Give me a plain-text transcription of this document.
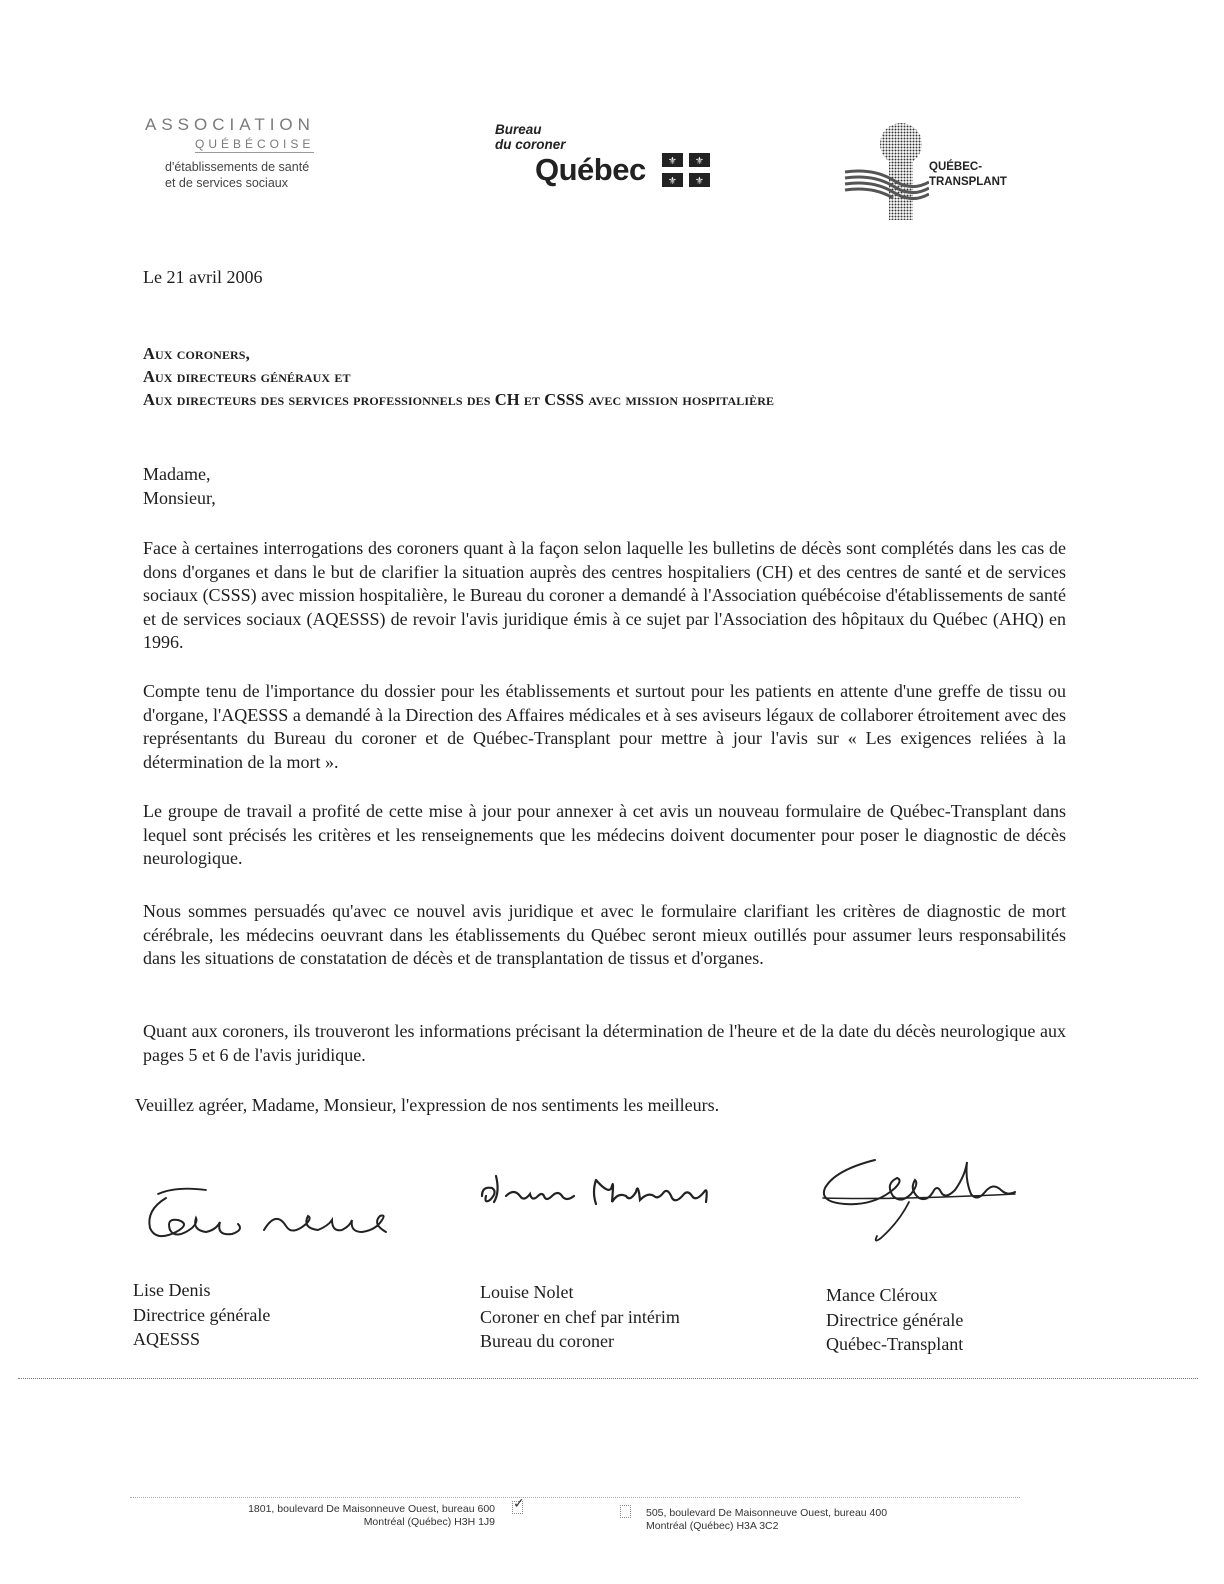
ASSOCIATION
QUÉBÉCOISE
d'établissements de santé
et de services sociaux
Bureau
du coroner
Québec ⚜ ⚜
⚜ ⚜
QUÉBEC-
TRANSPLANT
Le 21 avril 2006
Aux coroners,
Aux directeurs généraux et
Aux directeurs des services professionnels des CH et CSSS avec mission hospitalière
Madame,
Monsieur,
Face à certaines interrogations des coroners quant à la façon selon laquelle les bulletins de décès sont complétés dans les cas de dons d'organes et dans le but de clarifier la situation auprès des centres hospitaliers (CH) et des centres de santé et de services sociaux (CSSS) avec mission hospitalière, le Bureau du coroner a demandé à l'Association québécoise d'établissements de santé et de services sociaux (AQESSS) de revoir l'avis juridique émis à ce sujet par l'Association des hôpitaux du Québec (AHQ) en 1996.
Compte tenu de l'importance du dossier pour les établissements et surtout pour les patients en attente d'une greffe de tissu ou d'organe, l'AQESSS a demandé à la Direction des Affaires médicales et à ses aviseurs légaux de collaborer étroitement avec des représentants du Bureau du coroner et de Québec-Transplant pour mettre à jour l'avis sur « Les exigences reliées à la détermination de la mort ».
Le groupe de travail a profité de cette mise à jour pour annexer à cet avis un nouveau formulaire de Québec-Transplant dans lequel sont précisés les critères et les renseignements que les médecins doivent documenter pour poser le diagnostic de décès neurologique.
Nous sommes persuadés qu'avec ce nouvel avis juridique et avec le formulaire clarifiant les critères de diagnostic de mort cérébrale, les médecins oeuvrant dans les établissements du Québec seront mieux outillés pour assumer leurs responsabilités dans les situations de constatation de décès et de transplantation de tissus et d'organes.
Quant aux coroners, ils trouveront les informations précisant la détermination de l'heure et de la date du décès neurologique aux pages 5 et 6 de l'avis juridique.
Veuillez agréer, Madame, Monsieur, l'expression de nos sentiments les meilleurs.
Lise Denis
Directrice générale
AQESSS
Louise Nolet
Coroner en chef par intérim
Bureau du coroner
Mance Cléroux
Directrice générale
Québec-Transplant
1801, boulevard De Maisonneuve Ouest, bureau 600
Montréal (Québec) H3H 1J9
✓
505, boulevard De Maisonneuve Ouest, bureau 400
Montréal (Québec) H3A 3C2
